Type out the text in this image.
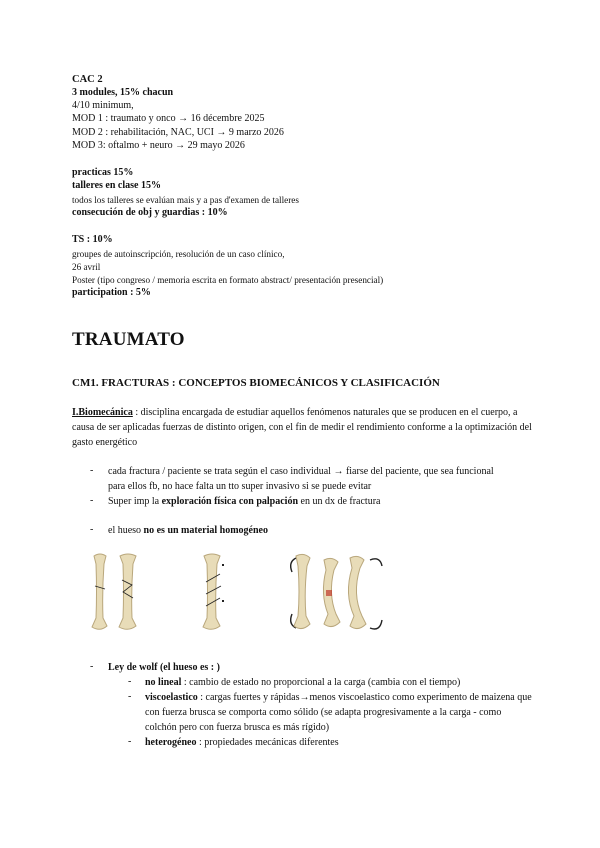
CAC 2
3 modules, 15% chacun
4/10 minimum,
MOD 1 : traumato y onco → 16 décembre 2025
MOD 2 : rehabilitación, NAC, UCI → 9 marzo 2026
MOD 3: oftalmo + neuro → 29 mayo 2026
practicas 15%
talleres en clase 15%
todos los talleres se evalúan mais y a pas d'examen de talleres
consecución de obj y guardias : 10%
TS : 10%
groupes de autoinscripción, resolución de un caso clínico,
26 avril
Poster (tipo congreso / memoria escrita en formato abstract/ presentación presencial)
participation : 5%
TRAUMATO
CM1. FRACTURAS : CONCEPTOS BIOMECÁNICOS Y CLASIFICACIÓN
I.Biomecánica : disciplina encargada de estudiar aquellos fenómenos naturales que se producen en el cuerpo, a causa de ser aplicadas fuerzas de distinto origen, con el fin de medir el rendimiento conforme a la optimización del gasto energético
- cada fractura / paciente se trata según el caso individual → fiarse del paciente, que sea funcional para ellos fb, no hace falta un tto super invasivo si se puede evitar
- Super imp la exploración física con palpación en un dx de fractura
- el hueso no es un material homogéneo
- Ley de wolf (el hueso es : )
- no lineal : cambio de estado no proporcional a la carga (cambia con el tiempo)
- viscoelastico : cargas fuertes y rápidas→menos viscoelastico como experimento de maizena que con fuerza brusca se comporta como sólido (se adapta progresivamente a la carga - como colchón pero con fuerza brusca es más rígido)
- heterogéneo : propiedades mecánicas diferentes
